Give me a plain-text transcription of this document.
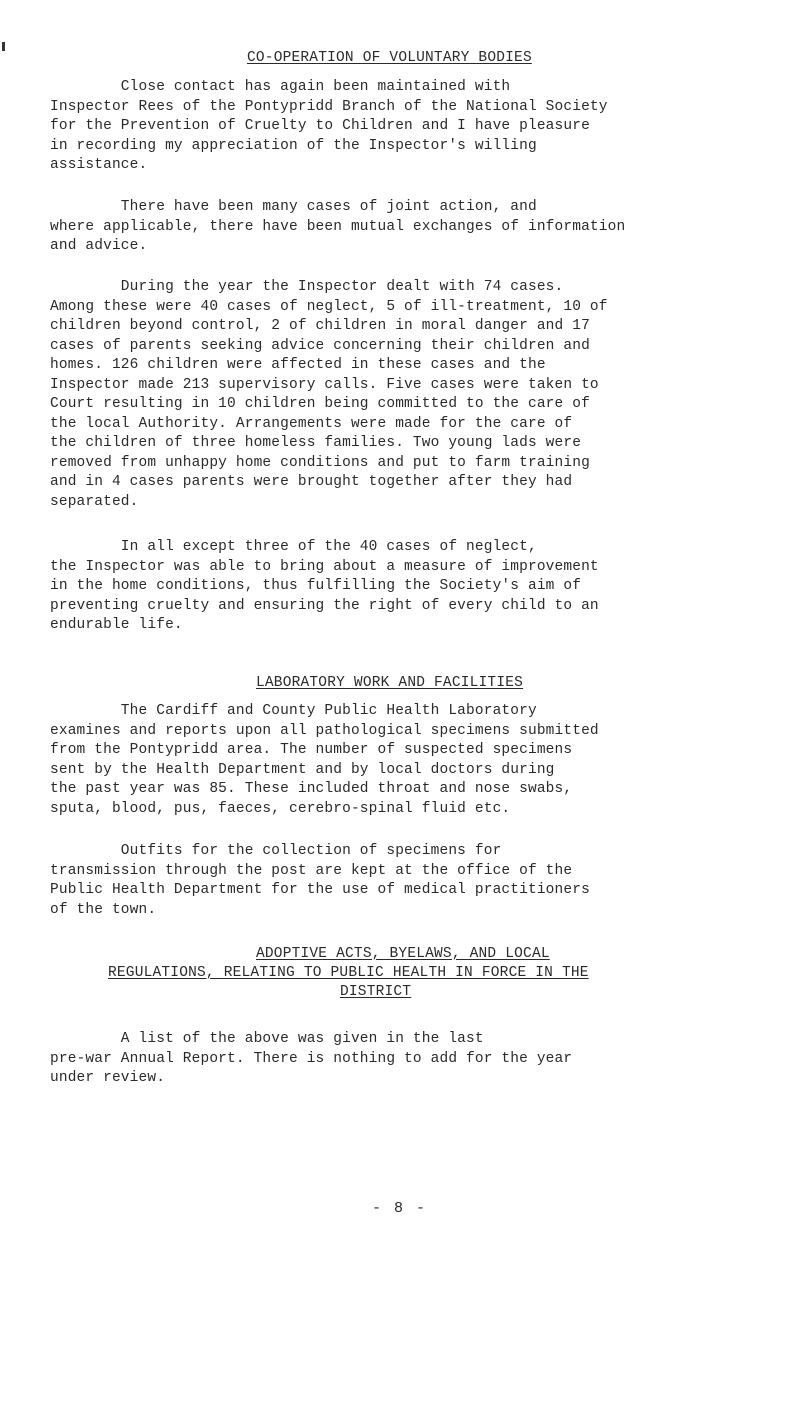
CO-OPERATION OF VOLUNTARY BODIES

Close contact has again been maintained with
Inspector Rees of the Pontypridd Branch of the National Society
for the Prevention of Cruelty to Children and I have pleasure
in recording my appreciation of the Inspector's willing
assistance.

There have been many cases of joint action, and
where applicable, there have been mutual exchanges of information
and advice.

During the year the Inspector dealt with 74 cases.
Among these were 40 cases of neglect, 5 of ill-treatment, 10 of
children beyond control, 2 of children in moral danger and 17
cases of parents seeking advice concerning their children and
homes. 126 children were affected in these cases and the
Inspector made 213 supervisory calls. Five cases were taken to
Court resulting in 10 children being committed to the care of
the local Authority. Arrangements were made for the care of
the children of three homeless families. Two young lads were
removed from unhappy home conditions and put to farm training
and in 4 cases parents were brought together after they had
separated.

In all except three of the 40 cases of neglect,
the Inspector was able to bring about a measure of improvement
in the home conditions, thus fulfilling the Society's aim of
preventing cruelty and ensuring the right of every child to an
endurable life.

LABORATORY WORK AND FACILITIES

The Cardiff and County Public Health Laboratory
examines and reports upon all pathological specimens submitted
from the Pontypridd area. The number of suspected specimens
sent by the Health Department and by local doctors during
the past year was 85. These included throat and nose swabs,
sputa, blood, pus, faeces, cerebro-spinal fluid etc.

Outfits for the collection of specimens for
transmission through the post are kept at the office of the
Public Health Department for the use of medical practitioners
of the town.

ADOPTIVE ACTS, BYELAWS, AND LOCAL
REGULATIONS, RELATING TO PUBLIC HEALTH IN FORCE IN THE
DISTRICT

A list of the above was given in the last
pre-war Annual Report. There is nothing to add for the year
under review.

- 8 -
